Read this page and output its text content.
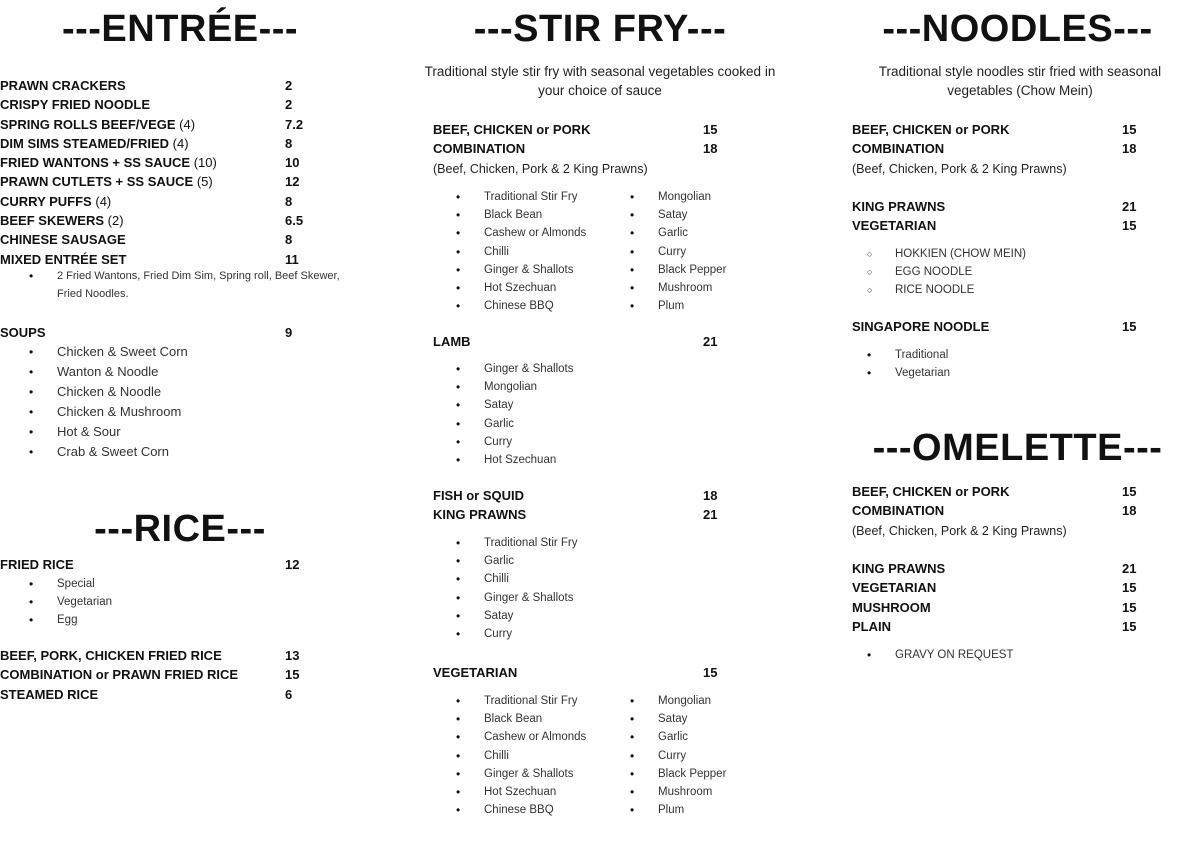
---ENTRÉE---
PRAWN CRACKERS	2
CRISPY FRIED NOODLE	2
SPRING ROLLS BEEF/VEGE (4)	7.2
DIM SIMS STEAMED/FRIED (4)	8
FRIED WANTONS + SS SAUCE (10)	10
PRAWN CUTLETS + SS SAUCE (5)	12
CURRY PUFFS (4)	8
BEEF SKEWERS (2)	6.5
CHINESE SAUSAGE	8
MIXED ENTRÉE SET	11
• 2 Fried Wantons, Fried Dim Sim, Spring roll, Beef Skewer, Fried Noodles.
SOUPS	9
• Chicken & Sweet Corn
• Wanton & Noodle
• Chicken & Noodle
• Chicken & Mushroom
• Hot & Sour
• Crab & Sweet Corn
---RICE---
FRIED RICE	12
• Special
• Vegetarian
• Egg
BEEF, PORK, CHICKEN FRIED RICE	13
COMBINATION or PRAWN FRIED RICE	15
STEAMED RICE	6
---STIR FRY---

Traditional style stir fry with seasonal vegetables cooked in your choice of sauce

BEEF, CHICKEN or PORK	15
COMBINATION	18
(Beef, Chicken, Pork & 2 King Prawns)
• Traditional Stir Fry
• Black Bean
• Cashew or Almonds
• Chilli
• Ginger & Shallots
• Hot Szechuan
• Chinese BBQ
• Mongolian
• Satay
• Garlic
• Curry
• Black Pepper
• Mushroom
• Plum
LAMB	21
• Ginger & Shallots
• Mongolian
• Satay
• Garlic
• Curry
• Hot Szechuan
FISH or SQUID	18
KING PRAWNS	21
• Traditional Stir Fry
• Garlic
• Chilli
• Ginger & Shallots
• Satay
• Curry
VEGETARIAN	15
• Traditional Stir Fry
• Black Bean
• Cashew or Almonds
• Chilli
• Ginger & Shallots
• Hot Szechuan
• Chinese BBQ
• Mongolian
• Satay
• Garlic
• Curry
• Black Pepper
• Mushroom
• Plum
---NOODLES---

Traditional style noodles stir fried with seasonal vegetables (Chow Mein)

BEEF, CHICKEN or PORK	15
COMBINATION	18
(Beef, Chicken, Pork & 2 King Prawns)
KING PRAWNS	21
VEGETARIAN	15
○ HOKKIEN (CHOW MEIN)
○ EGG NOODLE
○ RICE NOODLE
SINGAPORE NOODLE	15
• Traditional
• Vegetarian
---OMELETTE---
BEEF, CHICKEN or PORK	15
COMBINATION	18
(Beef, Chicken, Pork & 2 King Prawns)
KING PRAWNS	21
VEGETARIAN	15
MUSHROOM	15
PLAIN	15
• GRAVY ON REQUEST
